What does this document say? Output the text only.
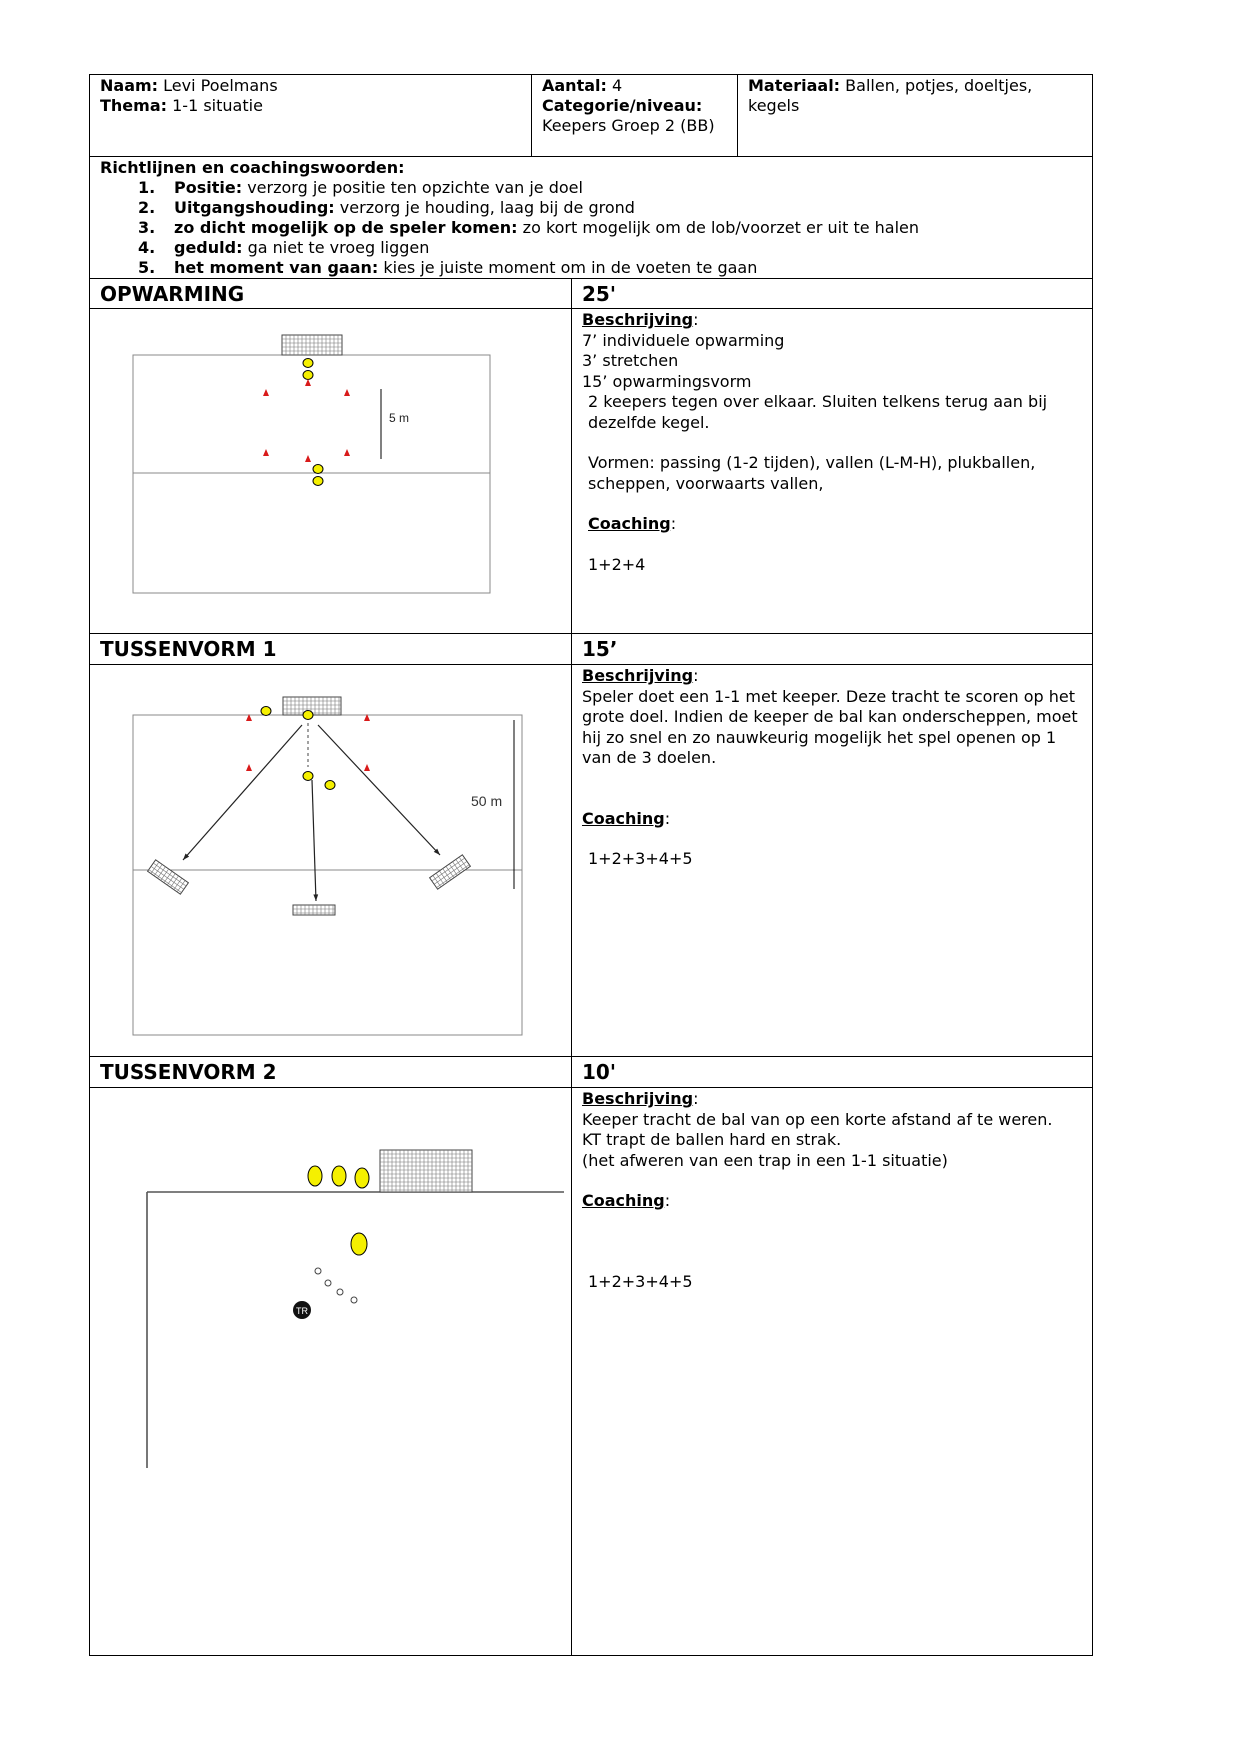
Naam: Levi Poelmans
Thema: 1-1 situatie
Aantal: 4
Categorie/niveau:
Keepers Groep 2 (BB)
Materiaal: Ballen, potjes, doeltjes, kegels
Richtlijnen en coachingswoorden:
1.	Positie: verzorg je positie ten opzichte van je doel
2.	Uitgangshouding: verzorg je houding, laag bij de grond
3.	zo dicht mogelijk op de speler komen: zo kort mogelijk om de lob/voorzet er uit te halen
4.	geduld: ga niet te vroeg liggen
5.	het moment van gaan: kies je juiste moment om in de voeten te gaan
OPWARMING	25'
5 m
Beschrijving:
7’ individuele opwarming
3’ stretchen
15’ opwarmingsvorm
2 keepers tegen over elkaar. Sluiten telkens terug aan bij dezelfde kegel.
Vormen: passing (1-2 tijden), vallen (L-M-H), plukballen, scheppen, voorwaarts vallen,
Coaching:
1+2+4
TUSSENVORM 1	15’
50 m
Beschrijving:
Speler doet een 1-1 met keeper. Deze tracht te scoren op het grote doel. Indien de keeper de bal kan onderscheppen, moet hij zo snel en zo nauwkeurig mogelijk het spel openen op 1 van de 3 doelen.
Coaching:
1+2+3+4+5
TUSSENVORM 2	10'
TR
Beschrijving:
Keeper tracht de bal van op een korte afstand af te weren.
KT trapt de ballen hard en strak.
(het afweren van een trap in een 1-1 situatie)
Coaching:
1+2+3+4+5
